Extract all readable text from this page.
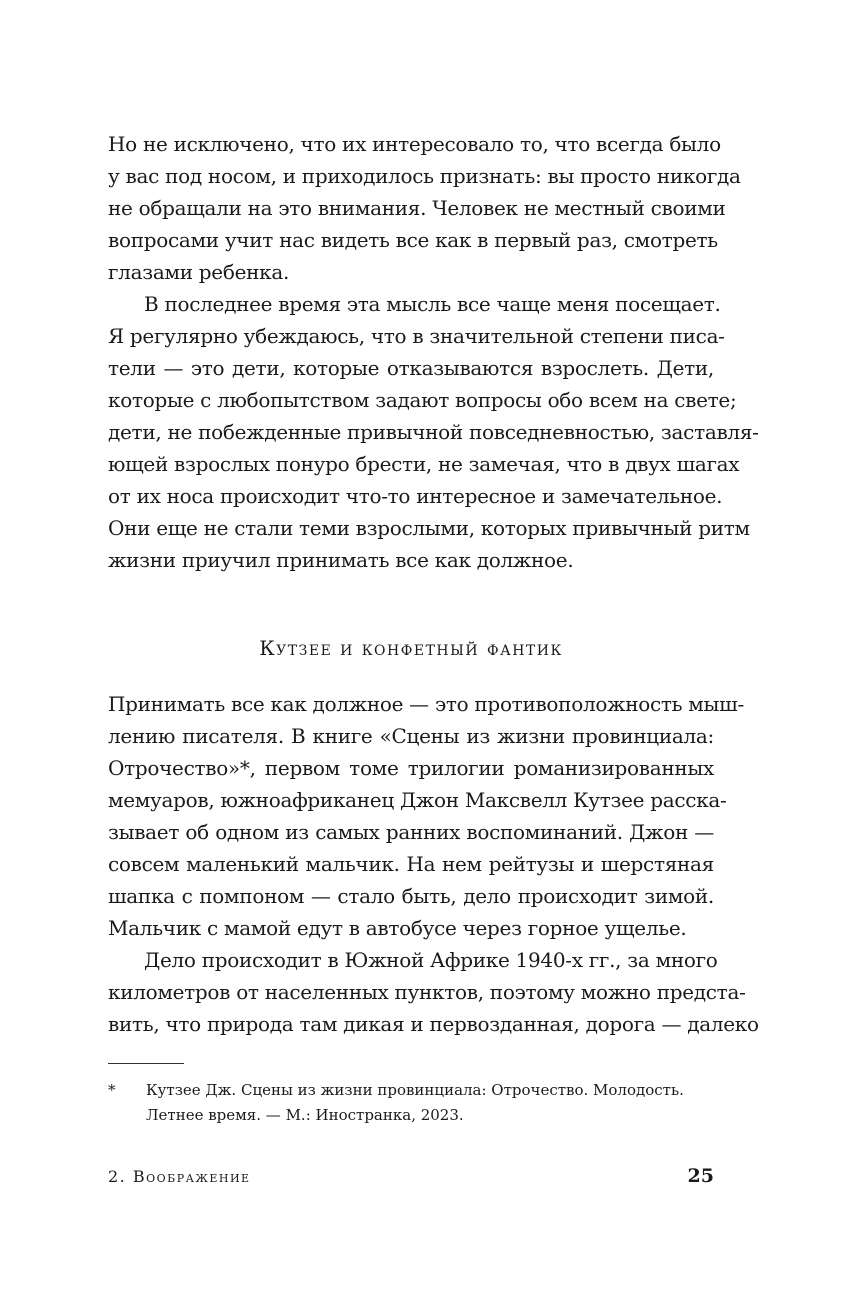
Но не исключено, что их интересовало то, что всегда было
у вас под носом, и приходилось признать: вы просто никогда
не обращали на это внимания. Человек не местный своими
вопросами учит нас видеть все как в первый раз, смотреть
глазами ребенка.
В последнее время эта мысль все чаще меня посещает.
Я регулярно убеждаюсь, что в значительной степени писа-
тели — это дети, которые отказываются взрослеть. Дети,
которые с любопытством задают вопросы обо всем на свете;
дети, не побежденные привычной повседневностью, заставля-
ющей взрослых понуро брести, не замечая, что в двух шагах
от их носа происходит что-то интересное и замечательное.
Они еще не стали теми взрослыми, которых привычный ритм
жизни приучил принимать все как должное.
Кутзее и конфетный фантик
Принимать все как должное — это противоположность мыш-
лению писателя. В книге «Сцены из жизни провинциала:
Отрочество»*, первом томе трилогии романизированных
мемуаров, южноафриканец Джон Максвелл Кутзее расска-
зывает об одном из самых ранних воспоминаний. Джон —
совсем маленький мальчик. На нем рейтузы и шерстяная
шапка с помпоном — стало быть, дело происходит зимой.
Мальчик с мамой едут в автобусе через горное ущелье.
Дело происходит в Южной Африке 1940-х гг., за много
километров от населенных пунктов, поэтому можно предста-
вить, что природа там дикая и первозданная, дорога — далеко
*	Кутзее Дж. Сцены из жизни провинциала: Отрочество. Молодость.
Летнее время. — М.: Иностранка, 2023.
2. Воображение	25
